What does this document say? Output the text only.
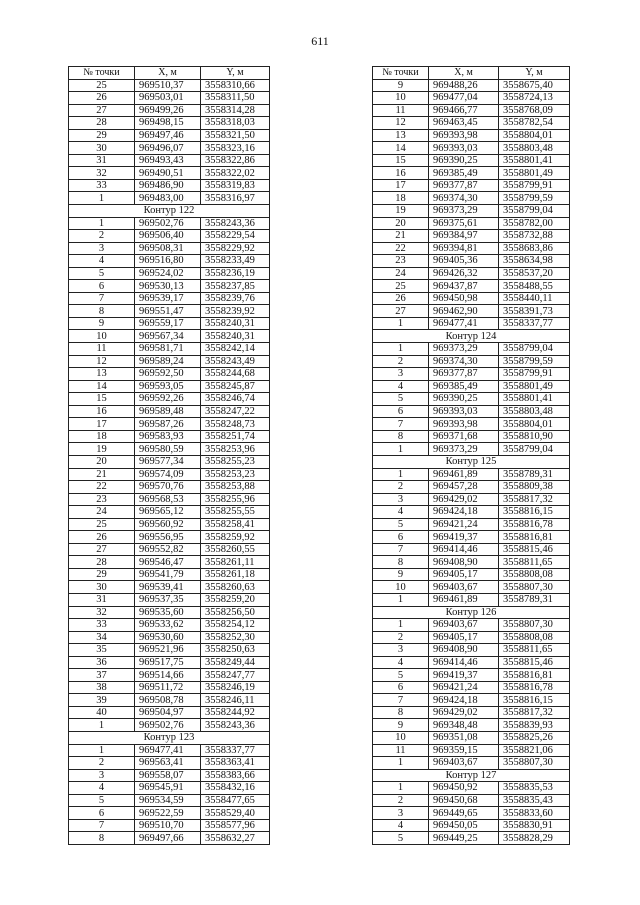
611
№ точки	X, м	Y, м
25	969510,37	3558310,66
26	969503,01	3558311,50
27	969499,26	3558314,28
28	969498,15	3558318,03
29	969497,46	3558321,50
30	969496,07	3558323,16
31	969493,43	3558322,86
32	969490,51	3558322,02
33	969486,90	3558319,83
1	969483,00	3558316,97
Контур 122		
1	969502,76	3558243,36
2	969506,40	3558229,54
3	969508,31	3558229,92
4	969516,80	3558233,49
5	969524,02	3558236,19
6	969530,13	3558237,85
7	969539,17	3558239,76
8	969551,47	3558239,92
9	969559,17	3558240,31
10	969567,34	3558240,31
11	969581,71	3558242,14
12	969589,24	3558243,49
13	969592,50	3558244,68
14	969593,05	3558245,87
15	969592,26	3558246,74
16	969589,48	3558247,22
17	969587,26	3558248,73
18	969583,93	3558251,74
19	969580,59	3558253,96
20	969577,34	3558255,23
21	969574,09	3558253,23
22	969570,76	3558253,88
23	969568,53	3558255,96
24	969565,12	3558255,55
25	969560,92	3558258,41
26	969556,95	3558259,92
27	969552,82	3558260,55
28	969546,47	3558261,11
29	969541,79	3558261,18
30	969539,41	3558260,63
31	969537,35	3558259,20
32	969535,60	3558256,50
33	969533,62	3558254,12
34	969530,60	3558252,30
35	969521,96	3558250,63
36	969517,75	3558249,44
37	969514,66	3558247,77
38	969511,72	3558246,19
39	969508,78	3558246,11
40	969504,97	3558244,92
1	969502,76	3558243,36
Контур 123		
1	969477,41	3558337,77
2	969563,41	3558363,41
3	969558,07	3558383,66
4	969545,91	3558432,16
5	969534,59	3558477,65
6	969522,59	3558529,40
7	969510,70	3558577,96
8	969497,66	3558632,27
№ точки	X, м	Y, м
9	969488,26	3558675,40
10	969477,04	3558724,13
11	969466,77	3558768,09
12	969463,45	3558782,54
13	969393,98	3558804,01
14	969393,03	3558803,48
15	969390,25	3558801,41
16	969385,49	3558801,49
17	969377,87	3558799,91
18	969374,30	3558799,59
19	969373,29	3558799,04
20	969375,61	3558782,00
21	969384,97	3558732,88
22	969394,81	3558683,86
23	969405,36	3558634,98
24	969426,32	3558537,20
25	969437,87	3558488,55
26	969450,98	3558440,11
27	969462,90	3558391,73
1	969477,41	3558337,77
Контур 124		
1	969373,29	3558799,04
2	969374,30	3558799,59
3	969377,87	3558799,91
4	969385,49	3558801,49
5	969390,25	3558801,41
6	969393,03	3558803,48
7	969393,98	3558804,01
8	969371,68	3558810,90
1	969373,29	3558799,04
Контур 125		
1	969461,89	3558789,31
2	969457,28	3558809,38
3	969429,02	3558817,32
4	969424,18	3558816,15
5	969421,24	3558816,78
6	969419,37	3558816,81
7	969414,46	3558815,46
8	969408,90	3558811,65
9	969405,17	3558808,08
10	969403,67	3558807,30
1	969461,89	3558789,31
Контур 126		
1	969403,67	3558807,30
2	969405,17	3558808,08
3	969408,90	3558811,65
4	969414,46	3558815,46
5	969419,37	3558816,81
6	969421,24	3558816,78
7	969424,18	3558816,15
8	969429,02	3558817,32
9	969348,48	3558839,93
10	969351,08	3558825,26
11	969359,15	3558821,06
1	969403,67	3558807,30
Контур 127		
1	969450,92	3558835,53
2	969450,68	3558835,43
3	969449,65	3558833,60
4	969450,05	3558830,91
5	969449,25	3558828,29
